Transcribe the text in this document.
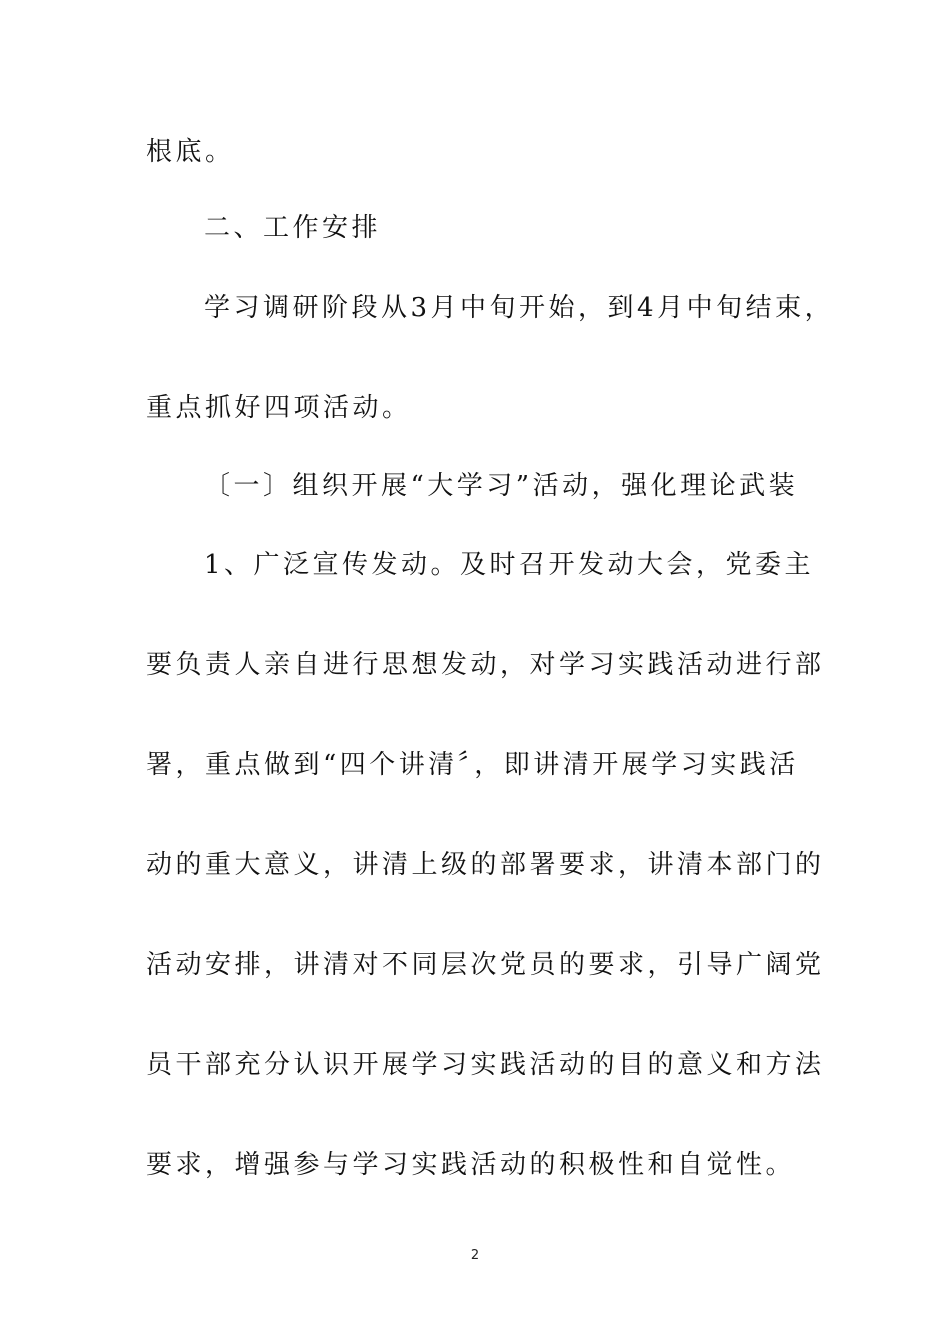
根底。
二、工作安排
学习调研阶段从3月中旬开始，到4月中旬结束，
重点抓好四项活动。
〔一〕组织开展“大学习”活动，强化理论武装
1、广泛宣传发动。及时召开发动大会，党委主
要负责人亲自进行思想发动，对学习实践活动进行部
署，重点做到“四个讲清〞，即讲清开展学习实践活
动的重大意义，讲清上级的部署要求，讲清本部门的
活动安排，讲清对不同层次党员的要求，引导广阔党
员干部充分认识开展学习实践活动的目的意义和方法
要求，增强参与学习实践活动的积极性和自觉性。
2
